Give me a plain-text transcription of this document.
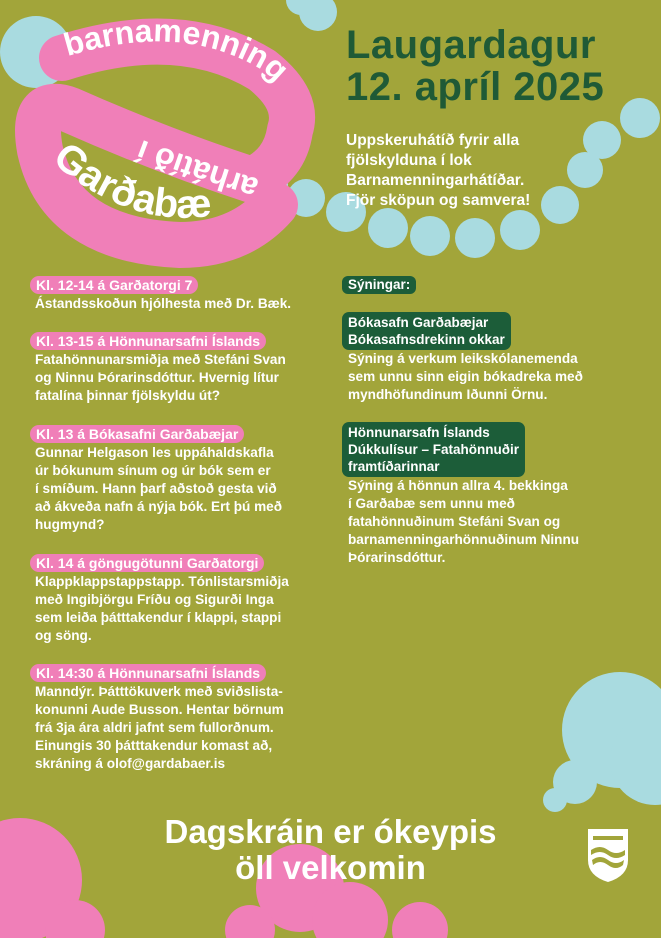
barnamenning
arhátíð í
Garðabæ
Laugardagur
12. apríl 2025
Uppskeruhátíð fyrir alla
fjölskylduna í lok
Barnamenningarhátíðar.
Fjör sköpun og samvera!
Kl. 12-14 á Garðatorgi 7
Ástandsskoðun hjólhesta með Dr. Bæk.
Kl. 13-15 á Hönnunarsafni Íslands
Fatahönnunarsmiðja með Stefáni Svan
og Ninnu Þórarinsdóttur. Hvernig lítur
fatalína þinnar fjölskyldu út?
Kl. 13 á Bókasafni Garðabæjar
Gunnar Helgason les uppáhaldskafla
úr bókunum sínum og úr bók sem er
í smíðum. Hann þarf aðstoð gesta við
að ákveða nafn á nýja bók. Ert þú með
hugmynd?
Kl. 14 á göngugötunni Garðatorgi
Klappklappstappstapp. Tónlistarsmiðja
með Ingibjörgu Fríðu og Sigurði Inga
sem leiða þátttakendur í klappi, stappi
og söng.
Kl. 14:30 á Hönnunarsafni Íslands
Manndýr. Þátttökuverk með sviðslista-
konunni Aude Busson. Hentar börnum
frá 3ja ára aldri jafnt sem fullorðnum.
Einungis 30 þátttakendur komast að,
skráning á olof@gardabaer.is
Sýningar:
Bókasafn Garðabæjar
Bókasafnsdrekinn okkar
Sýning á verkum leikskólanemenda
sem unnu sinn eigin bókadreka með
myndhöfundinum Iðunni Örnu.
Hönnunarsafn Íslands
Dúkkulísur – Fatahönnuðir
framtíðarinnar
Sýning á hönnun allra 4. bekkinga
í Garðabæ sem unnu með
fatahönnuðinum Stefáni Svan og
barnamenningarhönnuðinum Ninnu
Þórarinsdóttur.
Dagskráin er ókeypis
öll velkomin
